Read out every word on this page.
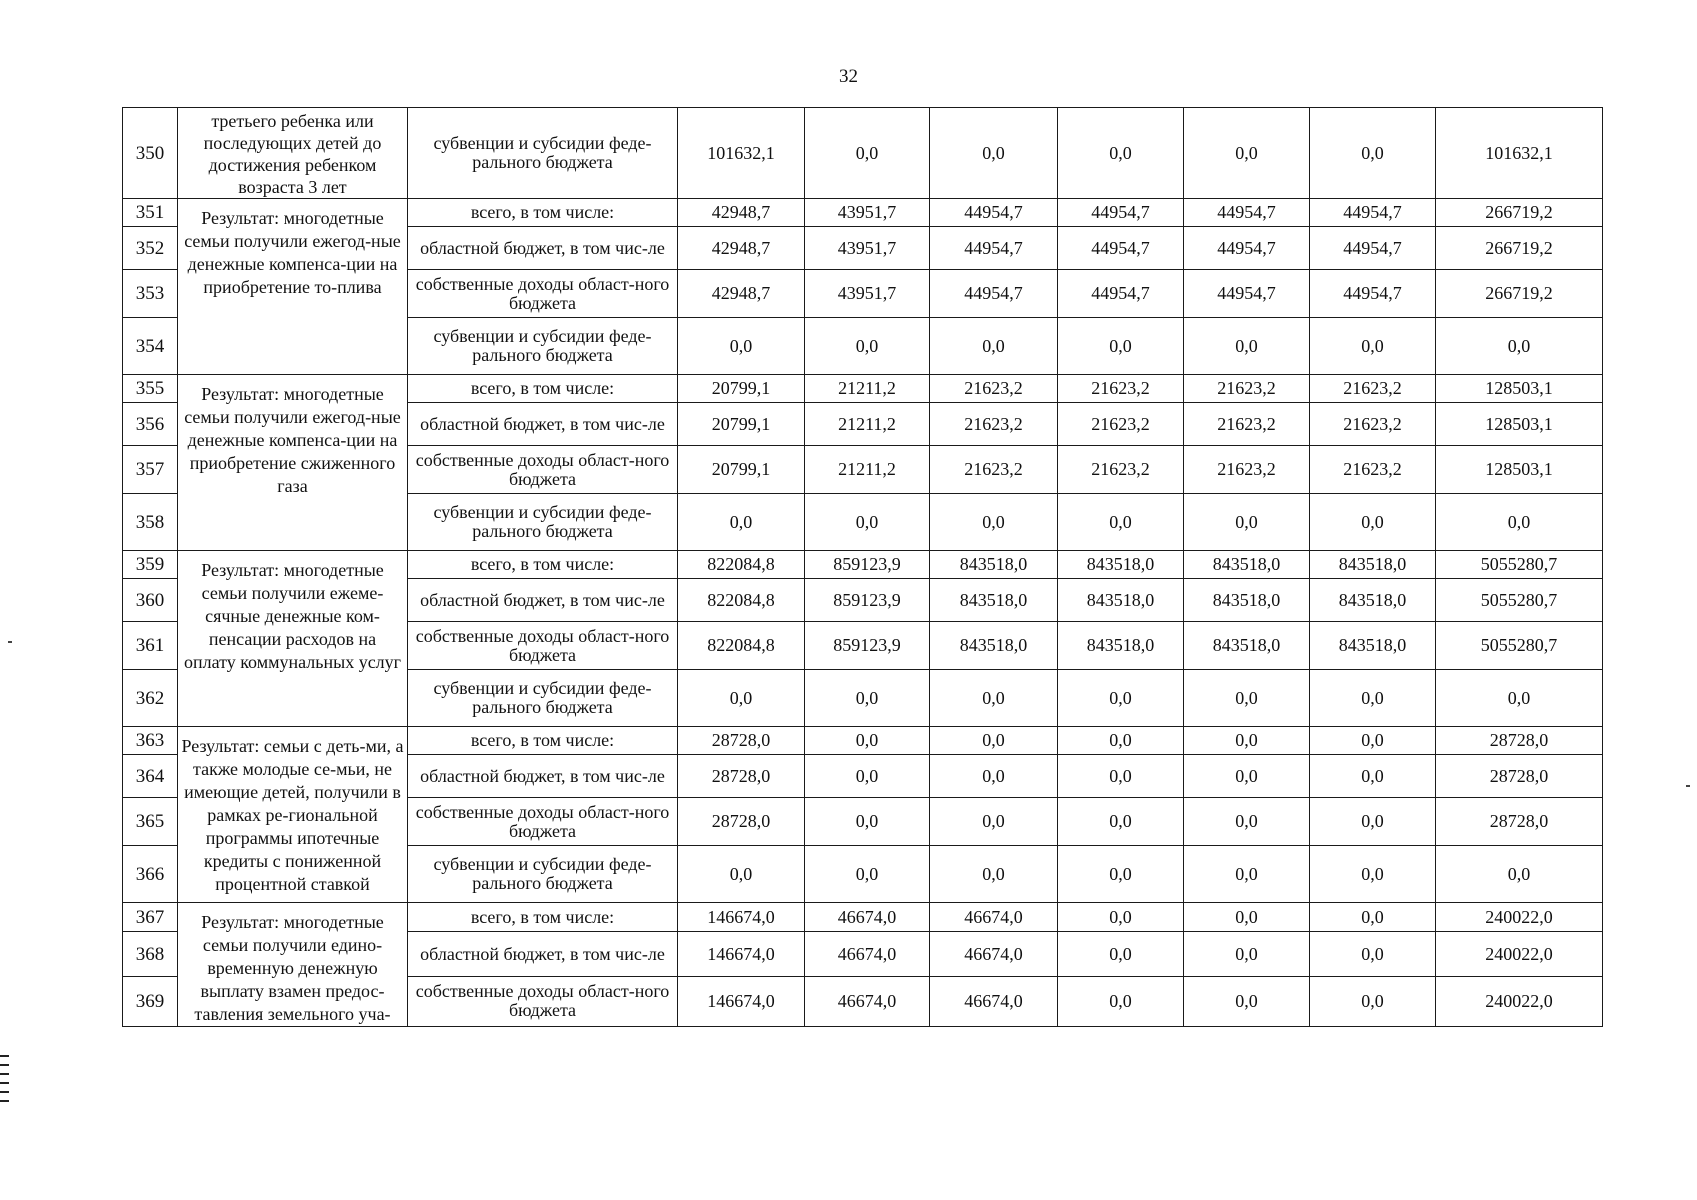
32
350	третьего ребенка или последующих детей до достижения ребенком возраста 3 лет	субвенции и субсидии феде-рального бюджета	101632,1	0,0	0,0	0,0	0,0	0,0	101632,1
351	Результат: многодетные семьи получили ежегод-ные денежные компенса-ции на приобретение то-плива	всего, в том числе:	42948,7	43951,7	44954,7	44954,7	44954,7	44954,7	266719,2
352		областной бюджет, в том чис-ле	42948,7	43951,7	44954,7	44954,7	44954,7	44954,7	266719,2
353		собственные доходы област-ного бюджета	42948,7	43951,7	44954,7	44954,7	44954,7	44954,7	266719,2
354		субвенции и субсидии феде-рального бюджета	0,0	0,0	0,0	0,0	0,0	0,0	0,0
355	Результат: многодетные семьи получили ежегод-ные денежные компенса-ции на приобретение сжиженного газа	всего, в том числе:	20799,1	21211,2	21623,2	21623,2	21623,2	21623,2	128503,1
356		областной бюджет, в том чис-ле	20799,1	21211,2	21623,2	21623,2	21623,2	21623,2	128503,1
357		собственные доходы област-ного бюджета	20799,1	21211,2	21623,2	21623,2	21623,2	21623,2	128503,1
358		субвенции и субсидии феде-рального бюджета	0,0	0,0	0,0	0,0	0,0	0,0	0,0
359	Результат: многодетные семьи получили ежеме-сячные денежные ком-пенсации расходов на оплату коммунальных услуг	всего, в том числе:	822084,8	859123,9	843518,0	843518,0	843518,0	843518,0	5055280,7
360		областной бюджет, в том чис-ле	822084,8	859123,9	843518,0	843518,0	843518,0	843518,0	5055280,7
361		собственные доходы област-ного бюджета	822084,8	859123,9	843518,0	843518,0	843518,0	843518,0	5055280,7
362		субвенции и субсидии феде-рального бюджета	0,0	0,0	0,0	0,0	0,0	0,0	0,0
363	Результат: семьи с деть-ми, а также молодые се-мьи, не имеющие детей, получили в рамках ре-гиональной программы ипотечные кредиты с пониженной процентной ставкой	всего, в том числе:	28728,0	0,0	0,0	0,0	0,0	0,0	28728,0
364		областной бюджет, в том чис-ле	28728,0	0,0	0,0	0,0	0,0	0,0	28728,0
365		собственные доходы област-ного бюджета	28728,0	0,0	0,0	0,0	0,0	0,0	28728,0
366		субвенции и субсидии феде-рального бюджета	0,0	0,0	0,0	0,0	0,0	0,0	0,0
367	Результат: многодетные семьи получили едино-временную денежную выплату взамен предос-тавления земельного уча-	всего, в том числе:	146674,0	46674,0	46674,0	0,0	0,0	0,0	240022,0
368		областной бюджет, в том чис-ле	146674,0	46674,0	46674,0	0,0	0,0	0,0	240022,0
369		собственные доходы област-ного бюджета	146674,0	46674,0	46674,0	0,0	0,0	0,0	240022,0
